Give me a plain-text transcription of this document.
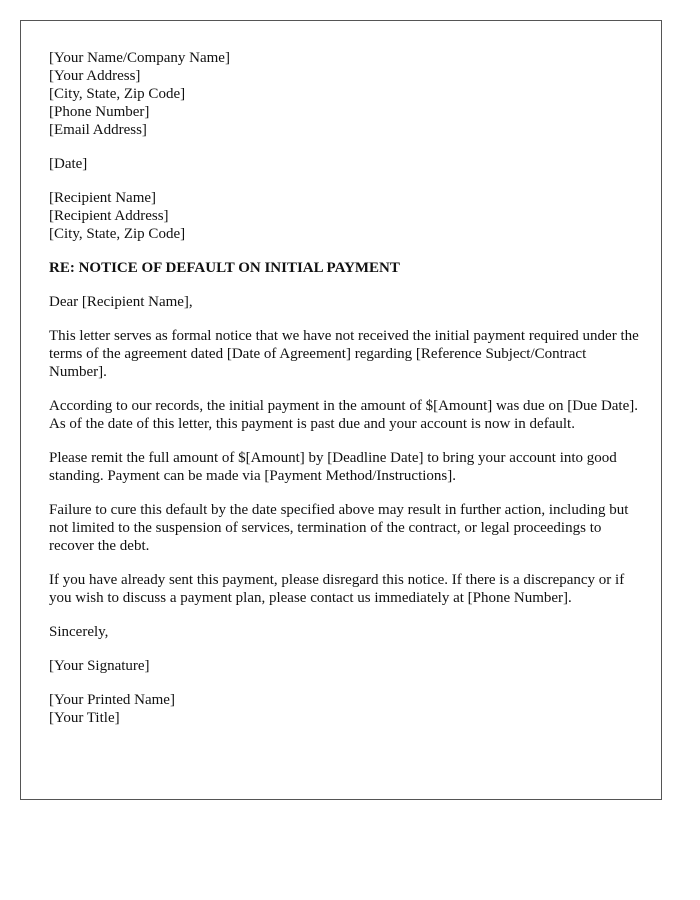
[Your Name/Company Name]
[Your Address]
[City, State, Zip Code]
[Phone Number]
[Email Address]
[Date]
[Recipient Name]
[Recipient Address]
[City, State, Zip Code]
RE: NOTICE OF DEFAULT ON INITIAL PAYMENT
Dear [Recipient Name],

This letter serves as formal notice that we have not received the initial payment required under the terms of the agreement dated [Date of Agreement] regarding [Reference Subject/Contract Number].

According to our records, the initial payment in the amount of $[Amount] was due on [Due Date]. As of the date of this letter, this payment is past due and your account is now in default.

Please remit the full amount of $[Amount] by [Deadline Date] to bring your account into good standing. Payment can be made via [Payment Method/Instructions].

Failure to cure this default by the date specified above may result in further action, including but not limited to the suspension of services, termination of the contract, or legal proceedings to recover the debt.

If you have already sent this payment, please disregard this notice. If there is a discrepancy or if you wish to discuss a payment plan, please contact us immediately at [Phone Number].

Sincerely,
[Your Signature]
[Your Printed Name]
[Your Title]
